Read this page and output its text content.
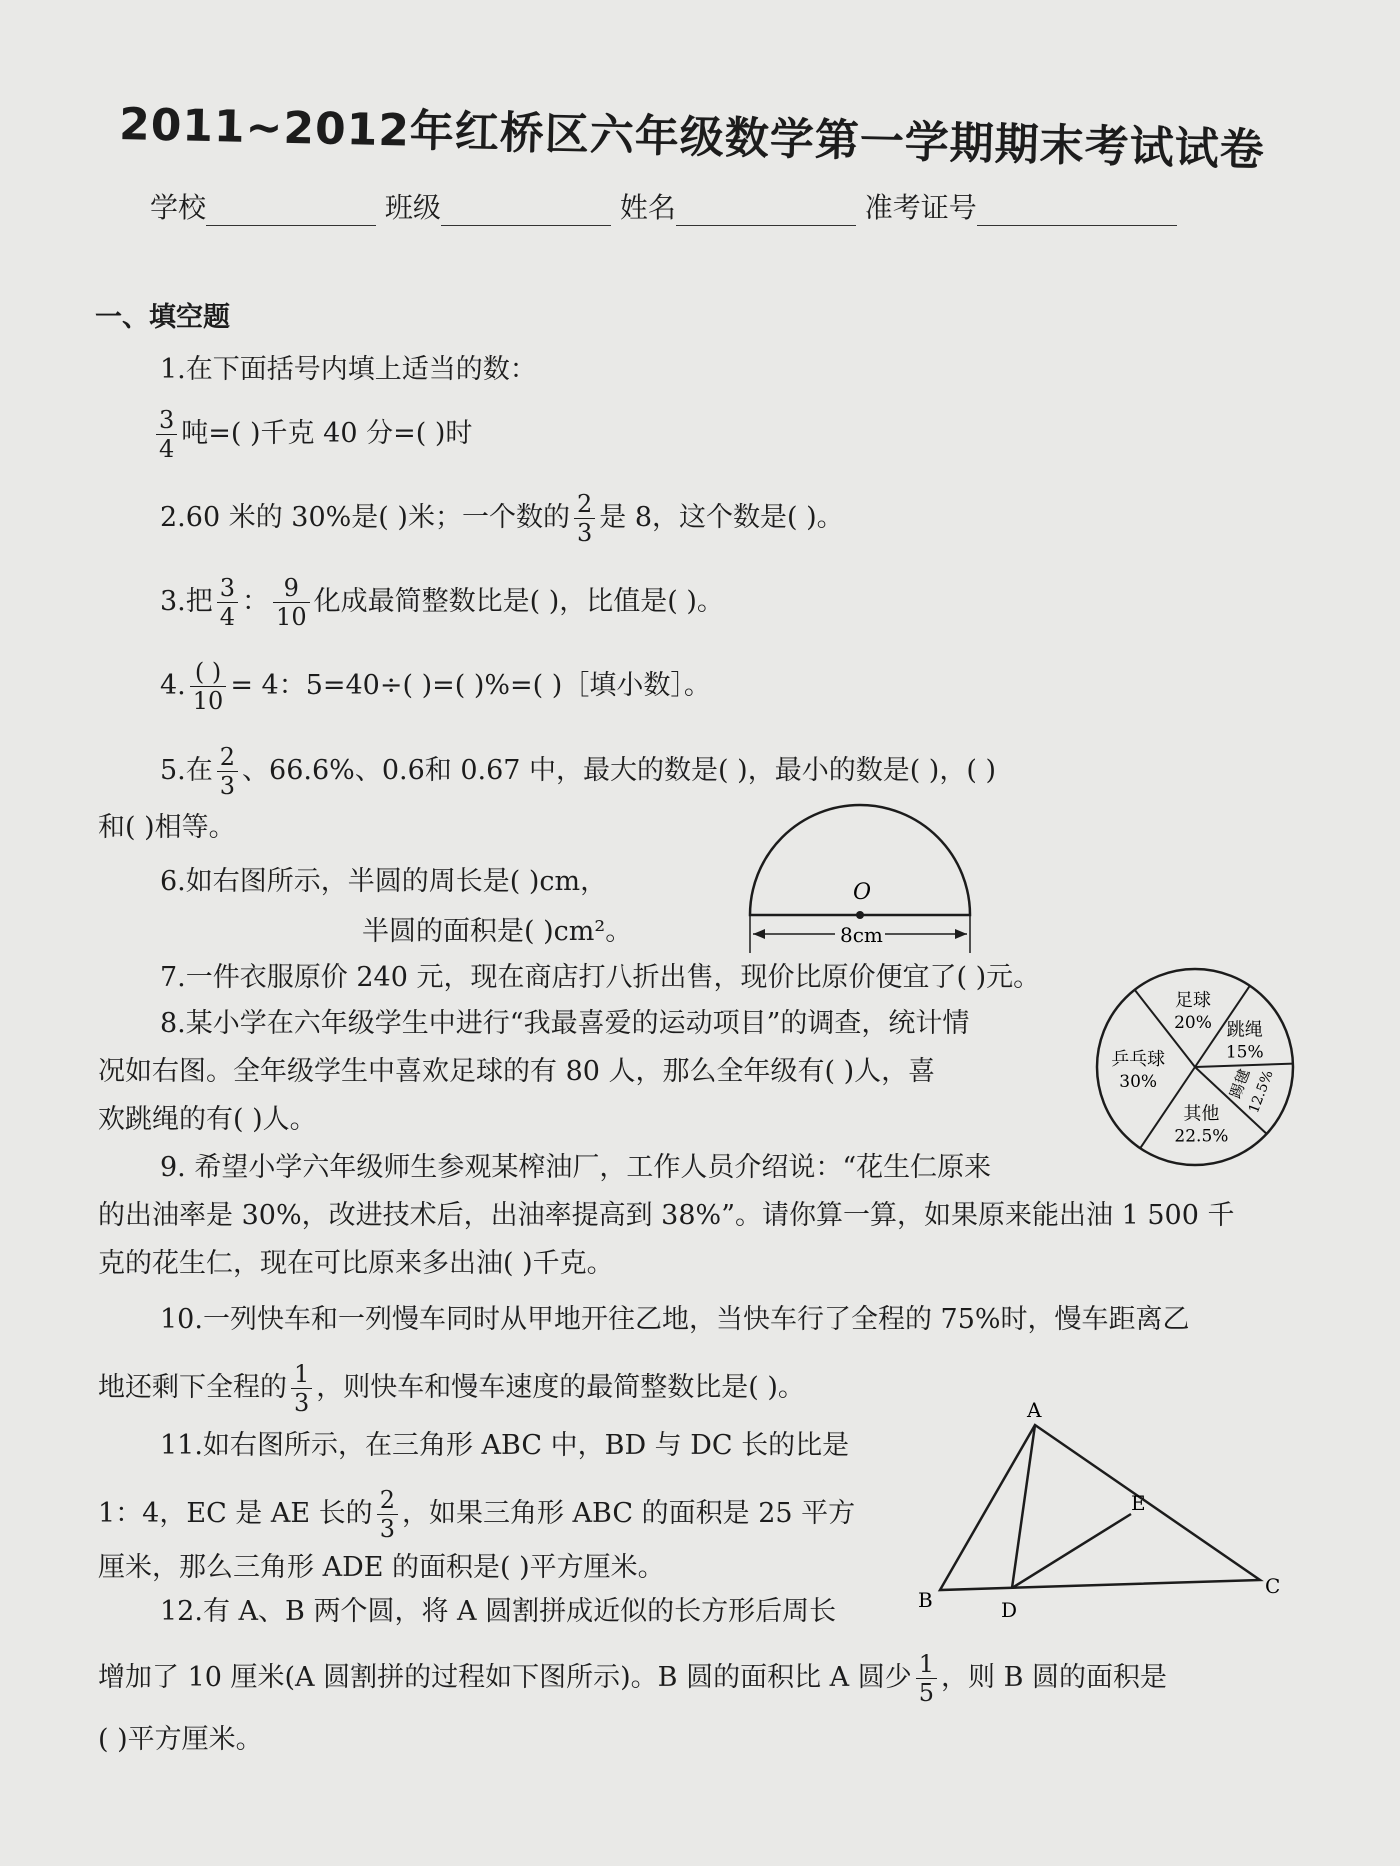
2011~2012年红桥区六年级数学第一学期期末考试试卷
学校	班级	姓名	准考证号
一、填空题
1.在下面括号内填上适当的数：
$\frac{3}{4}$ 吨=( )千克 40 分=( )时
2.60 米的 30%是( )米；一个数的 $\frac{2}{3}$ 是 8，这个数是( )。
3.把 $\frac{3}{4}$ ： $\frac{9}{10}$ 化成最简整数比是( )，比值是( )。
4. $\frac{( )}{10} = 4$：5=40÷( )=( )%=( )［填小数］。
5.在 $\frac{2}{3}$ 、66.6%、0.6和 0.67 中，最大的数是( )，最小的数是( )，( )
和( )相等。
6.如右图所示，半圆的周长是( )cm，
半圆的面积是( )cm²。
O
8cm
7.一件衣服原价 240 元，现在商店打八折出售，现价比原价便宜了( )元。
8.某小学在六年级学生中进行“我最喜爱的运动项目”的调查，统计情
况如右图。全年级学生中喜欢足球的有 80 人，那么全年级有( )人，喜
欢跳绳的有( )人。
足球
20% 跳绳
15%
踢毽
12.5%
其他
22.5%
乒乓球
30%
9. 希望小学六年级师生参观某榨油厂，工作人员介绍说：“花生仁原来
的出油率是 30%，改进技术后，出油率提高到 38%”。请你算一算，如果原来能出油 1 500 千
克的花生仁，现在可比原来多出油( )千克。
10.一列快车和一列慢车同时从甲地开往乙地，当快车行了全程的 75%时，慢车距离乙
地还剩下全程的 $\frac{1}{3}$ ，则快车和慢车速度的最简整数比是( )。
11.如右图所示，在三角形 ABC 中，BD 与 DC 长的比是
1：4，EC 是 AE 长的 $\frac{2}{3}$ ，如果三角形 ABC 的面积是 25 平方
厘米，那么三角形 ADE 的面积是( )平方厘米。
A
B
C
D
E
12.有 A、B 两个圆，将 A 圆割拼成近似的长方形后周长
增加了 10 厘米(A 圆割拼的过程如下图所示)。B 圆的面积比 A 圆少 $\frac{1}{5}$ ，则 B 圆的面积是
( )平方厘米。
